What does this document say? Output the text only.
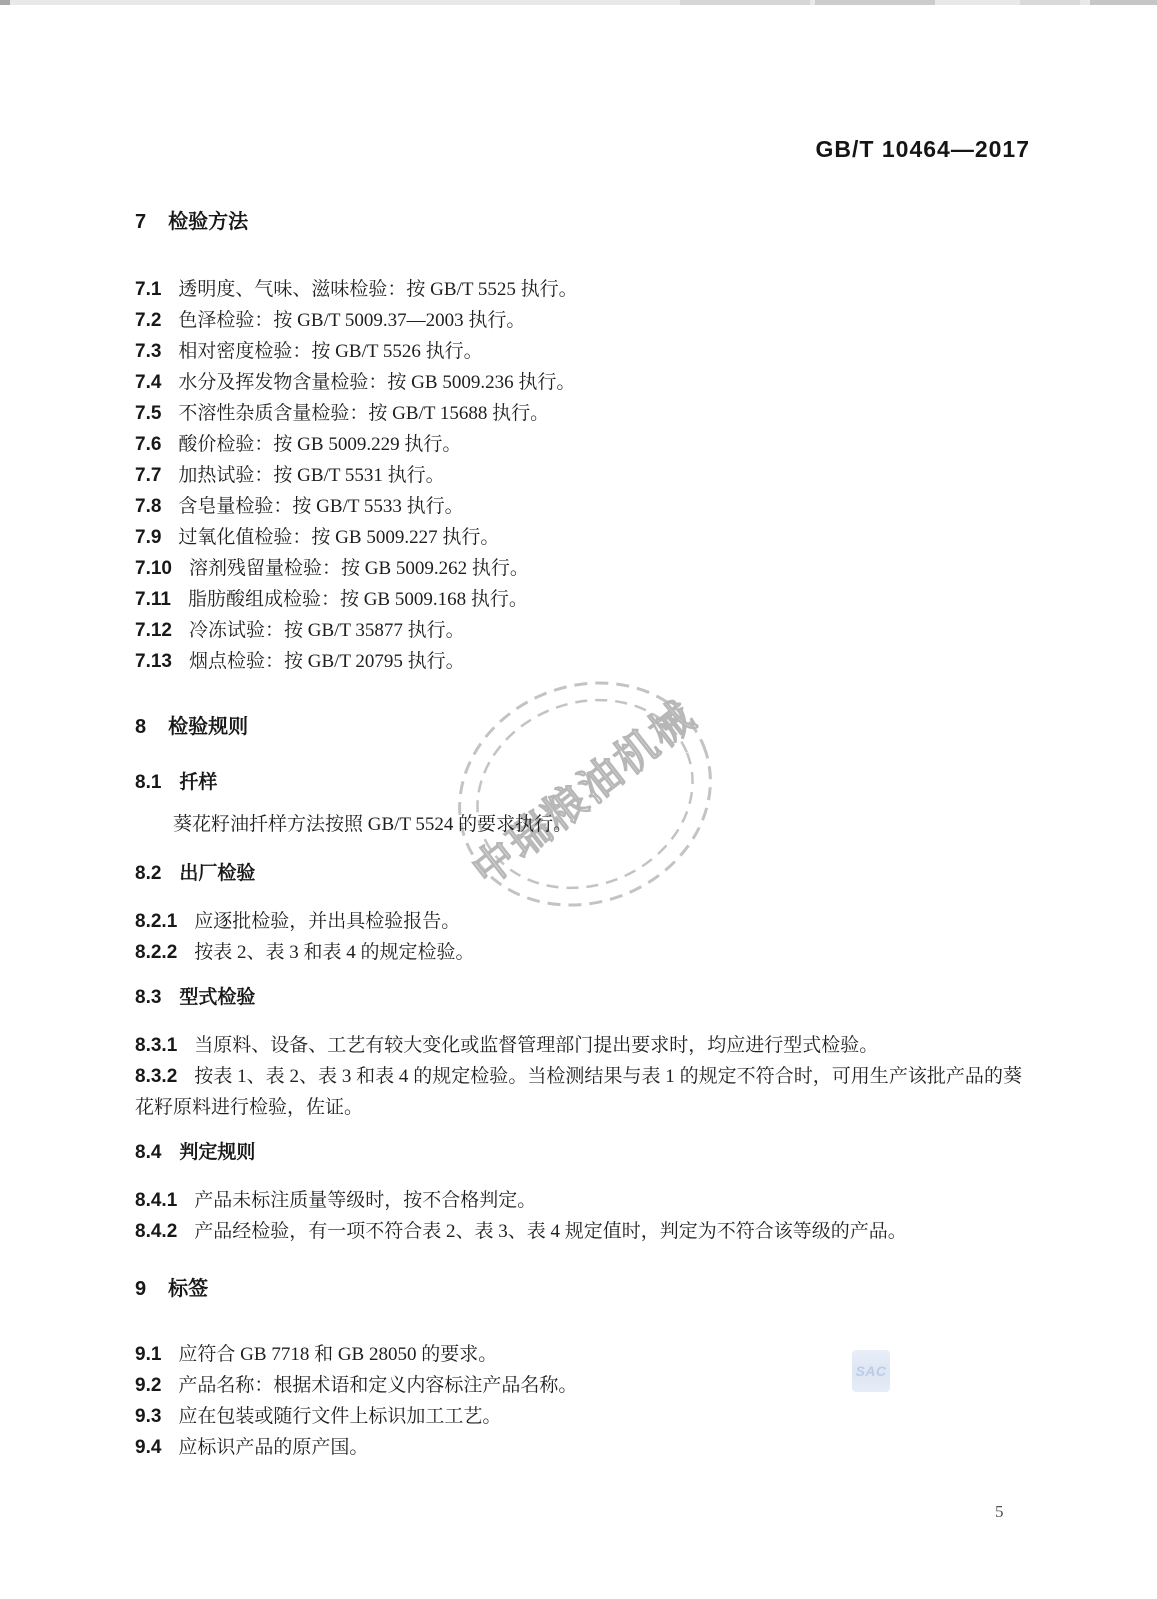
GB/T 10464—2017
中瑞粮油机械
7 检验方法

7.1 透明度、气味、滋味检验：按 GB/T 5525 执行。

7.2 色泽检验：按 GB/T 5009.37—2003 执行。

7.3 相对密度检验：按 GB/T 5526 执行。

7.4 水分及挥发物含量检验：按 GB 5009.236 执行。

7.5 不溶性杂质含量检验：按 GB/T 15688 执行。

7.6 酸价检验：按 GB 5009.229 执行。

7.7 加热试验：按 GB/T 5531 执行。

7.8 含皂量检验：按 GB/T 5533 执行。

7.9 过氧化值检验：按 GB 5009.227 执行。

7.10 溶剂残留量检验：按 GB 5009.262 执行。

7.11 脂肪酸组成检验：按 GB 5009.168 执行。

7.12 冷冻试验：按 GB/T 35877 执行。

7.13 烟点检验：按 GB/T 20795 执行。

8 检验规则
8.1 扦样

葵花籽油扦样方法按照 GB/T 5524 的要求执行。

8.2 出厂检验

8.2.1 应逐批检验，并出具检验报告。

8.2.2 按表 2、表 3 和表 4 的规定检验。

8.3 型式检验

8.3.1 当原料、设备、工艺有较大变化或监督管理部门提出要求时，均应进行型式检验。

8.3.2 按表 1、表 2、表 3 和表 4 的规定检验。当检测结果与表 1 的规定不符合时，可用生产该批产品的葵花籽原料进行检验，佐证。

8.4 判定规则

8.4.1 产品未标注质量等级时，按不合格判定。

8.4.2 产品经检验，有一项不符合表 2、表 3、表 4 规定值时，判定为不符合该等级的产品。

9 标签

9.1 应符合 GB 7718 和 GB 28050 的要求。

9.2 产品名称：根据术语和定义内容标注产品名称。

9.3 应在包装或随行文件上标识加工工艺。

9.4 应标识产品的原产国。

SAC
5
